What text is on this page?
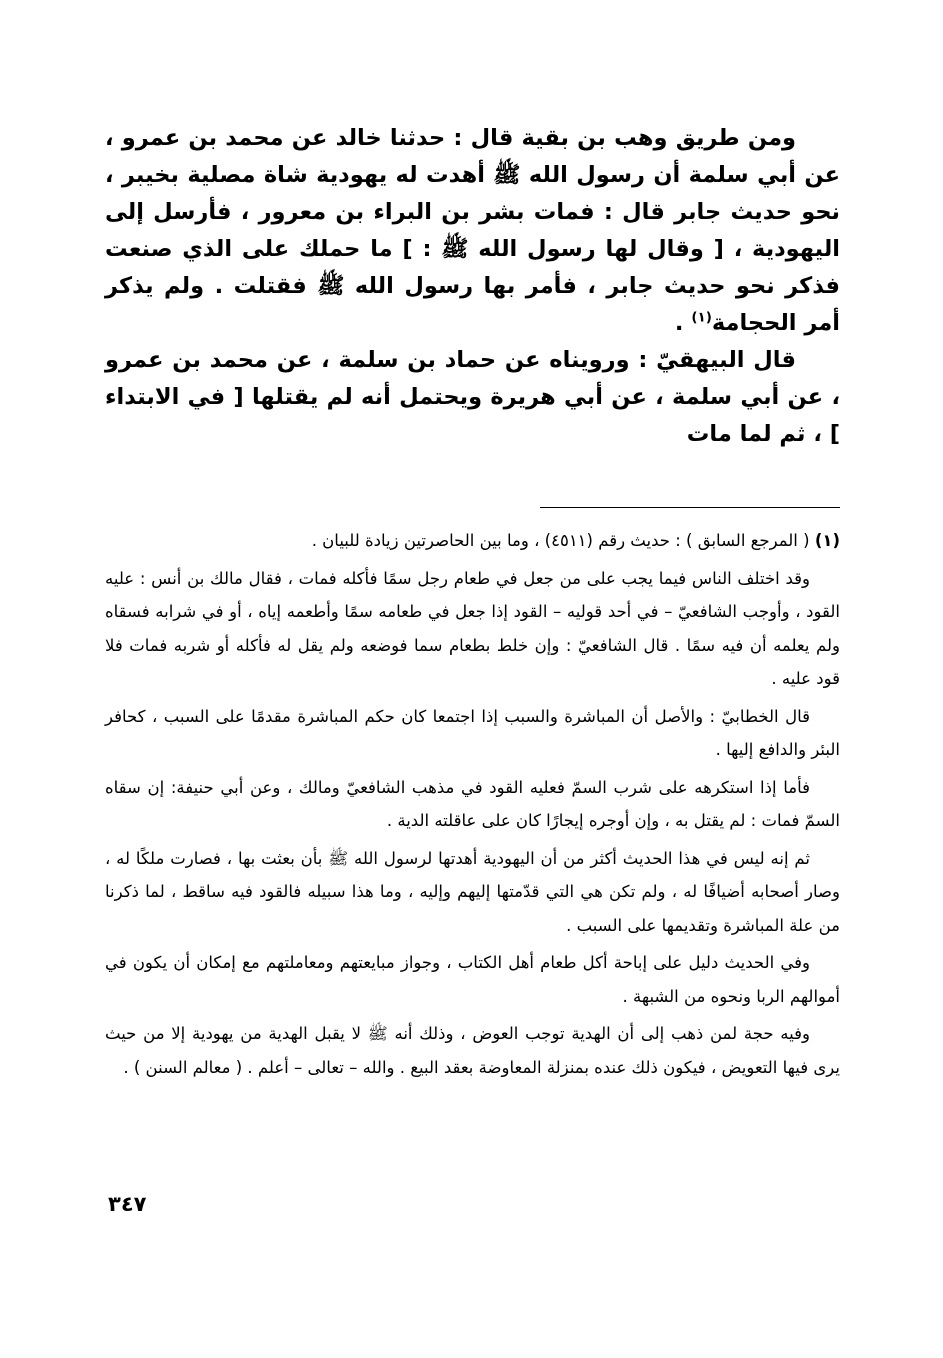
ومن طريق وهب بن بقية قال : حدثنا خالد عن محمد بن عمرو ، عن أبي سلمة أن رسول الله ﷺ أهدت له يهودية شاة مصلية بخيبر ، نحو حديث جابر قال : فمات بشر بن البراء بن معرور ، فأرسل إلى اليهودية ، [ وقال لها رسول الله ﷺ : ] ما حملك على الذي صنعت فذكر نحو حديث جابر ، فأمر بها رسول الله ﷺ فقتلت . ولم يذكر أمر الحجامة$^{(١)}$ .

قال البيهقيّ : ورويناه عن حماد بن سلمة ، عن محمد بن عمرو ، عن أبي سلمة ، عن أبي هريرة ويحتمل أنه لم يقتلها [ في الابتداء ] ، ثم لما مات

(١) ( المرجع السابق ) : حديث رقم (٤٥١١) ، وما بين الحاصرتين زيادة للبيان .

وقد اختلف الناس فيما يجب على من جعل في طعام رجل سمًا فأكله فمات ، فقال مالك بن أنس : عليه القود ، وأوجب الشافعيّ – في أحد قوليه – القود إذا جعل في طعامه سمًا وأطعمه إياه ، أو في شرابه فسقاه ولم يعلمه أن فيه سمًا . قال الشافعيّ : وإن خلط بطعام سما فوضعه ولم يقل له فأكله أو شربه فمات فلا قود عليه .

قال الخطابيّ : والأصل أن المباشرة والسبب إذا اجتمعا كان حكم المباشرة مقدمًا على السبب ، كحافر البئر والدافع إليها .

فأما إذا استكرهه على شرب السمّ فعليه القود في مذهب الشافعيّ ومالك ، وعن أبي حنيفة: إن سقاه السمّ فمات : لم يقتل به ، وإن أوجره إيجارًا كان على عاقلته الدية .

ثم إنه ليس في هذا الحديث أكثر من أن اليهودية أهدتها لرسول الله ﷺ بأن بعثت بها ، فصارت ملكًا له ، وصار أصحابه أضيافًا له ، ولم تكن هي التي قدّمتها إليهم وإليه ، وما هذا سبيله فالقود فيه ساقط ، لما ذكرنا من علة المباشرة وتقديمها على السبب .

وفي الحديث دليل على إباحة أكل طعام أهل الكتاب ، وجواز مبايعتهم ومعاملتهم مع إمكان أن يكون في أموالهم الربا ونحوه من الشبهة .

وفيه حجة لمن ذهب إلى أن الهدية توجب العوض ، وذلك أنه ﷺ لا يقبل الهدية من يهودية إلا من حيث يرى فيها التعويض ، فيكون ذلك عنده بمنزلة المعاوضة بعقد البيع . والله – تعالى – أعلم . ( معالم السنن ) .

٣٤٧
